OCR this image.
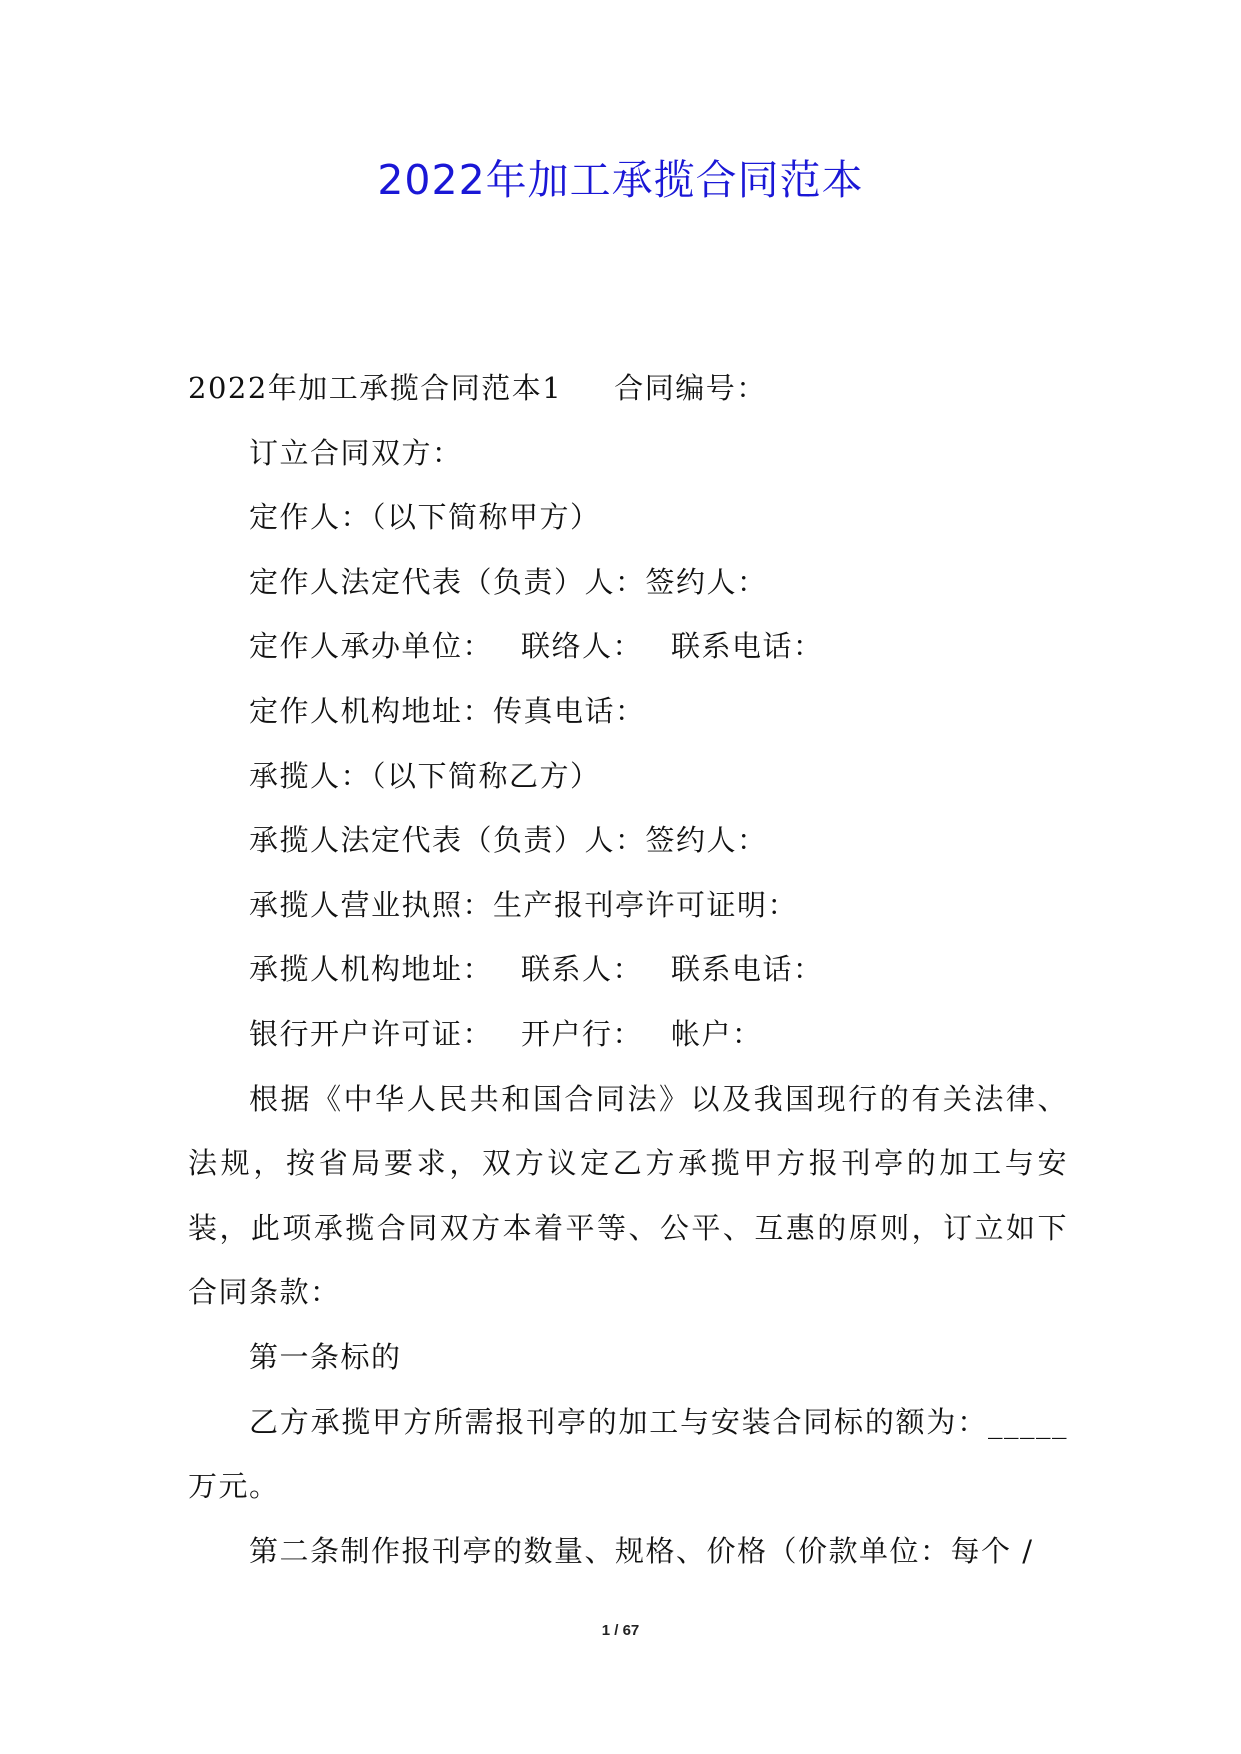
2022年加工承揽合同范本
2022年加工承揽合同范本1 合同编号：
订立合同双方：
定作人：（以下简称甲方）
定作人法定代表（负责）人：签约人：
定作人承办单位： 联络人： 联系电话：
定作人机构地址：传真电话：
承揽人：（以下简称乙方）
承揽人法定代表（负责）人：签约人：
承揽人营业执照：生产报刊亭许可证明：
承揽人机构地址： 联系人： 联系电话：
银行开户许可证： 开户行： 帐户：
根据《中华人民共和国合同法》以及我国现行的有关法律、法规，按省局要求，双方议定乙方承揽甲方报刊亭的加工与安装，此项承揽合同双方本着平等、公平、互惠的原则，订立如下合同条款：
第一条标的
乙方承揽甲方所需报刊亭的加工与安装合同标的额为：_____万元。
第二条制作报刊亭的数量、规格、价格（价款单位：每个 /
1 / 67
